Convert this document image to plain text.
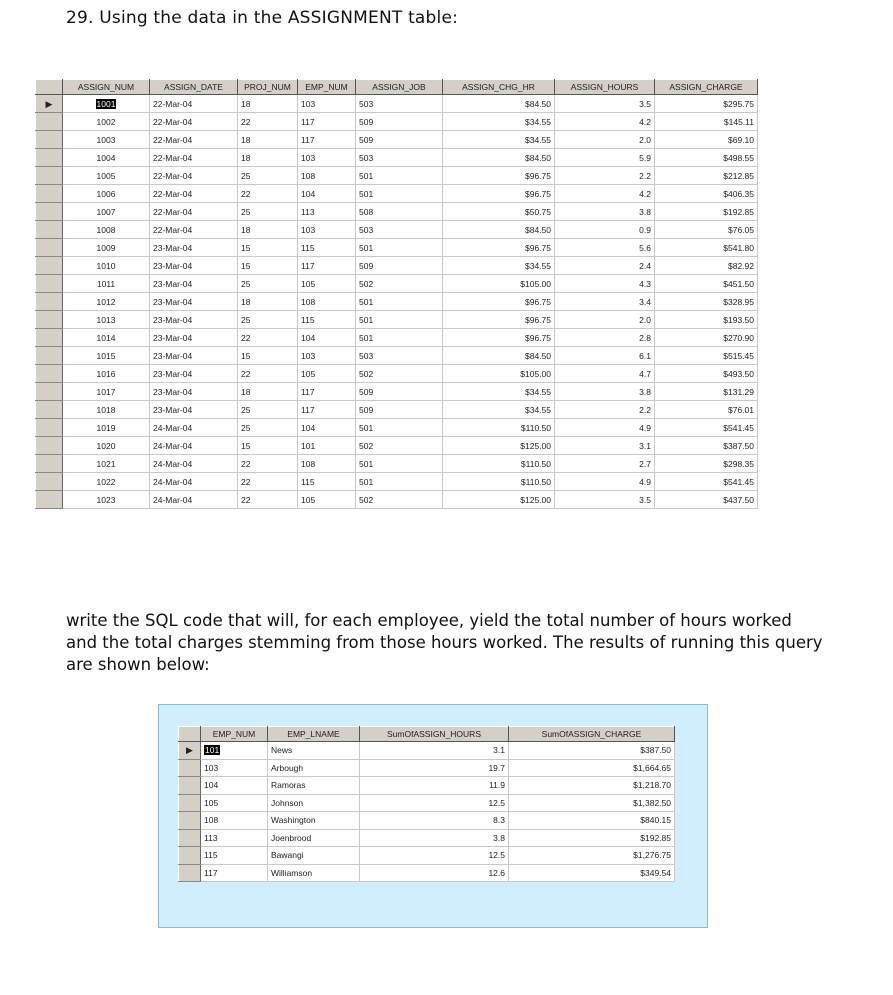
29. Using the data in the ASSIGNMENT table:
	ASSIGN_NUM	ASSIGN_DATE	PROJ_NUM	EMP_NUM	ASSIGN_JOB	ASSIGN_CHG_HR	ASSIGN_HOURS	ASSIGN_CHARGE
▶	1001	22-Mar-04	18	103	503	$84.50	3.5	$295.75
	1002	22-Mar-04	22	117	509	$34.55	4.2	$145.11
	1003	22-Mar-04	18	117	509	$34.55	2.0	$69.10
	1004	22-Mar-04	18	103	503	$84.50	5.9	$498.55
	1005	22-Mar-04	25	108	501	$96.75	2.2	$212.85
	1006	22-Mar-04	22	104	501	$96.75	4.2	$406.35
	1007	22-Mar-04	25	113	508	$50.75	3.8	$192.85
	1008	22-Mar-04	18	103	503	$84.50	0.9	$76.05
	1009	23-Mar-04	15	115	501	$96.75	5.6	$541.80
	1010	23-Mar-04	15	117	509	$34.55	2.4	$82.92
	1011	23-Mar-04	25	105	502	$105.00	4.3	$451.50
	1012	23-Mar-04	18	108	501	$96.75	3.4	$328.95
	1013	23-Mar-04	25	115	501	$96.75	2.0	$193.50
	1014	23-Mar-04	22	104	501	$96.75	2.8	$270.90
	1015	23-Mar-04	15	103	503	$84.50	6.1	$515.45
	1016	23-Mar-04	22	105	502	$105.00	4.7	$493.50
	1017	23-Mar-04	18	117	509	$34.55	3.8	$131.29
	1018	23-Mar-04	25	117	509	$34.55	2.2	$76.01
	1019	24-Mar-04	25	104	501	$110.50	4.9	$541.45
	1020	24-Mar-04	15	101	502	$125.00	3.1	$387.50
	1021	24-Mar-04	22	108	501	$110.50	2.7	$298.35
	1022	24-Mar-04	22	115	501	$110.50	4.9	$541.45
	1023	24-Mar-04	22	105	502	$125.00	3.5	$437.50
write the SQL code that will, for each employee, yield the total number of hours worked and the total charges stemming from those hours worked. The results of running this query are shown below:
	EMP_NUM	EMP_LNAME	SumOfASSIGN_HOURS	SumOfASSIGN_CHARGE
▶	101	News	3.1	$387.50
	103	Arbough	19.7	$1,664.65
	104	Ramoras	11.9	$1,218.70
	105	Johnson	12.5	$1,382.50
	108	Washington	8.3	$840.15
	113	Joenbrood	3.8	$192.85
	115	Bawangi	12.5	$1,276.75
	117	Williamson	12.6	$349.54
